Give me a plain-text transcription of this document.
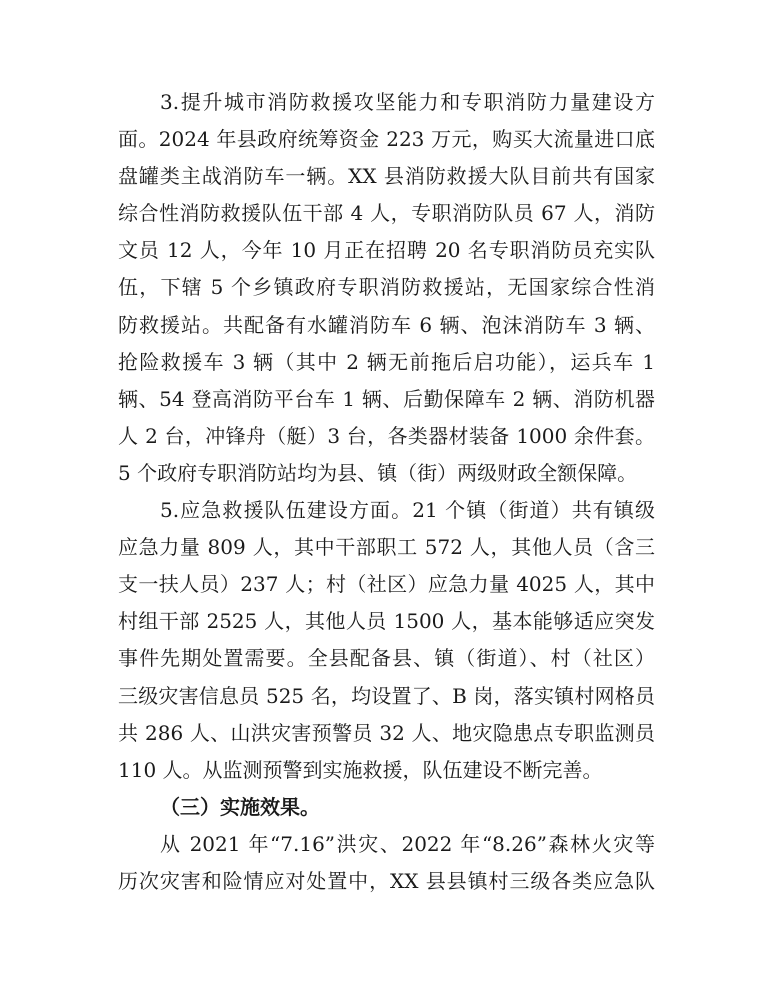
3.提升城市消防救援攻坚能力和专职消防力量建设方
面。2024 年县政府统筹资金 223 万元，购买大流量进口底
盘罐类主战消防车一辆。XX 县消防救援大队目前共有国家
综合性消防救援队伍干部 4 人，专职消防队员 67 人，消防
文员 12 人，今年 10 月正在招聘 20 名专职消防员充实队
伍，下辖 5 个乡镇政府专职消防救援站，无国家综合性消
防救援站。共配备有水罐消防车 6 辆、泡沫消防车 3 辆、
抢险救援车 3 辆（其中 2 辆无前拖后启功能），运兵车 1
辆、54 登高消防平台车 1 辆、后勤保障车 2 辆、消防机器
人 2 台，冲锋舟（艇）3 台，各类器材装备 1000 余件套。
5 个政府专职消防站均为县、镇（街）两级财政全额保障。
5.应急救援队伍建设方面。21 个镇（街道）共有镇级
应急力量 809 人，其中干部职工 572 人，其他人员（含三
支一扶人员）237 人；村（社区）应急力量 4025 人，其中
村组干部 2525 人，其他人员 1500 人，基本能够适应突发
事件先期处置需要。全县配备县、镇（街道）、村（社区）
三级灾害信息员 525 名，均设置了、B 岗，落实镇村网格员
共 286 人、山洪灾害预警员 32 人、地灾隐患点专职监测员
110 人。从监测预警到实施救援，队伍建设不断完善。
（三）实施效果。
从 2021 年“7.16”洪灾、2022 年“8.26”森林火灾等
历次灾害和险情应对处置中，XX 县县镇村三级各类应急队
